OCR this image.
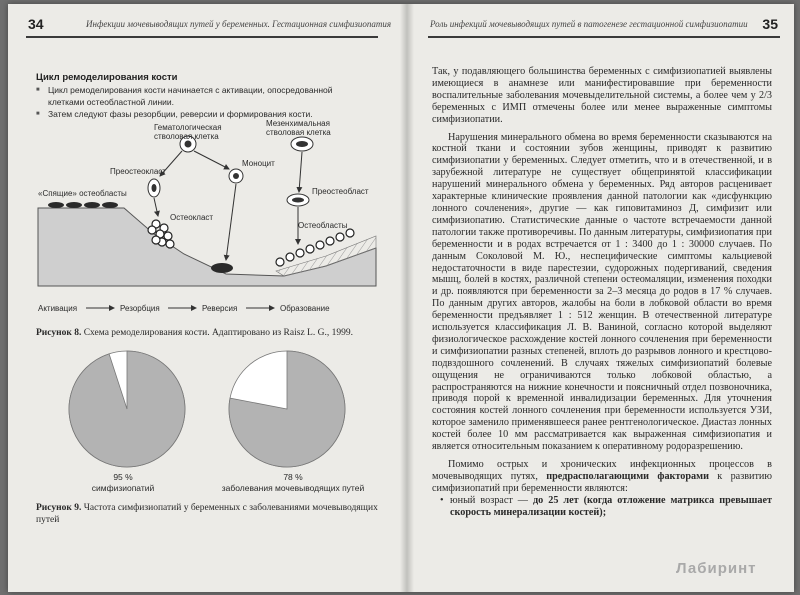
34	Инфекции мочевыводящих путей у беременных. Гестационная симфизиопатия
Цикл ремоделирования кости
■ Цикл ремоделирования кости начинается с активации, опосредованной клетками остеобластной линии.
■ Затем следуют фазы резорбции, реверсии и формирования кости.
Гематологическая
стволовая клетка
Мезенхимальная
стволовая клетка
Преостеокласт
Моноцит
«Спящие» остеобласты
Остеокласт
Преостеобласт
Остеобласты
Активация	Резорбция	Реверсия	Образование
Рисунок 8. Схема ремоделирования кости. Адаптировано из Raisz L. G., 1999.
95 %
симфизиопатий
78 %
заболевания мочевыводящих путей
Рисунок 9. Частота симфизиопатий у беременных с заболеваниями мочевыводящих путей
Роль инфекций мочевыводящих путей в патогенезе гестационной симфизиопатии 35

Так, у подавляющего большинства беременных с симфизиопатией выявлены имеющиеся в анамнезе или манифестировавшие при беременности воспалительные заболевания мочевыделительной системы, а более чем у 2/3 беременных с ИМП отмечены более или менее выраженные симптомы симфизиопатии.

Нарушения минерального обмена во время беременности сказываются на костной ткани и состоянии зубов женщины, приводят к развитию симфизиопатии у беременных. Следует отметить, что и в отечественной, и в зарубежной литературе не существует общепринятой классификации нарушений минерального обмена у беременных. Ряд авторов расценивает характерные клинические проявления данной патологии как «дисфункцию лонного сочленения», другие — как гиповитаминоз Д, симфизит или симфизиопатию. Статистические данные о частоте встречаемости данной патологии также противоречивы. По данным литературы, симфизиопатия при беременности и в родах встречается от 1 : 3400 до 1 : 30000 случаев. По данным Соколовой М. Ю., неспецифические симптомы кальциевой недостаточности в виде парестезии, судорожных подергиваний, сведения мышц, болей в костях, различной степени остеомаляции, изменения походки и др. появляются при беременности за 2–3 месяца до родов в 17 % случаев. По данным других авторов, жалобы на боли в лобковой области во время беременности предъявляет 1 : 512 женщин. В отечественной литературе используется классификация Л. В. Ваниной, согласно которой выделяют физиологическое расхождение костей лонного сочленения при беременности и симфизиопатии разных степеней, вплоть до разрывов лонного и крестцово-подвздошного сочленений. В случаях тяжелых симфизиопатий болевые ощущения не ограничиваются только лобковой областью, а распространяются на нижние конечности и поясничный отдел позвоночника, приводя порой к временной инвалидизации беременных. Для уточнения состояния костей лонного сочленения при беременности используется УЗИ, которое заменило применявшееся ранее рентгенологическое. Диастаз лонных костей более 10 мм рассматривается как выраженная симфизиопатия и является относительным показанием к оперативному родоразрешению.

Помимо острых и хронических инфекционных процессов в мочевыводящих путях, предрасполагающими факторами к развитию симфизиопатий при беременности являются:

• юный возраст — до 25 лет (когда отложение матрикса превышает скорость минерализации костей);
Лабиринт
